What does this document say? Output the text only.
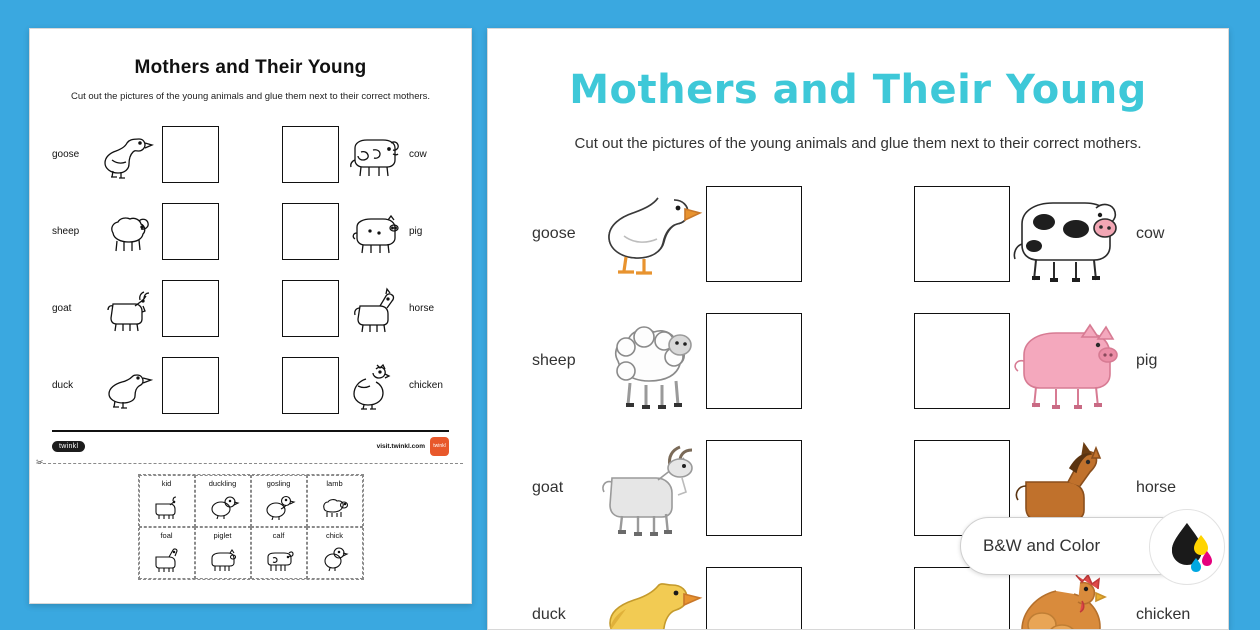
Mothers and Their Young
Cut out the pictures of the young animals and glue them next to their correct mothers.
goose	cow
sheep	pig
goat	horse
duck	chicken
twinkl	visit.twinkl.com	twinkl
✂
kid	duckling	gosling	lamb
foal	piglet	calf	chick
Mothers and Their Young
Cut out the pictures of the young animals and glue them next to their correct mothers.
goose	cow
sheep	pig
goat	horse
duck	chicken
B&W and Color
